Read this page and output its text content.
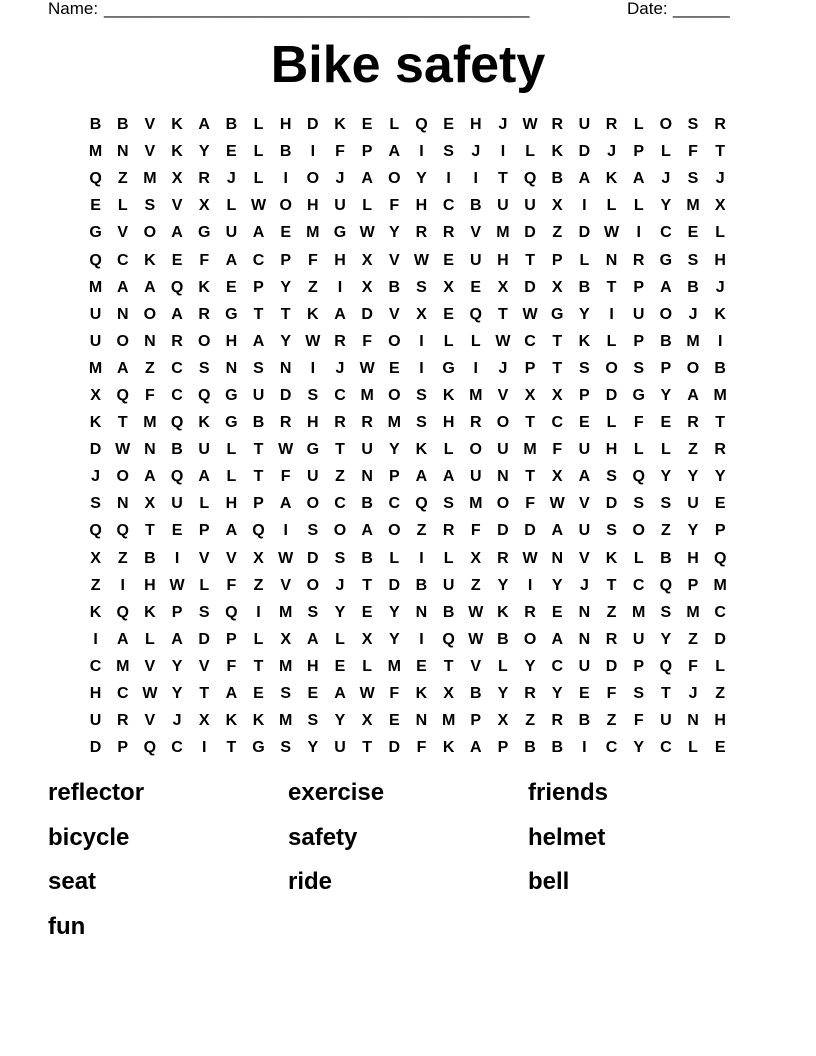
Name: _____________________________________________	Date: ______
Bike safety
B B	V	K A B	L	H D K	E	L	Q E	H	J W R U R	L	O S	R
M N	V	K	Y	E	L	B	I	F	P	A	I	S	J	I	L	K D	J	P	L	F	T
Q	Z M X	R	J	L	I	O	J	A O Y	I	I	T	Q B A K A	J	S	J
E	L	S	V	X	L W O H U	L	F	H C B U U	X	I	L	L	Y M X
G V O A G U A	E M G W Y	R R	V M D	Z	D W	I	C	E	L
Q C K	E	F	A C	P	F	H	X	V W E	U H	T	P	L	N R G S	H
M A A Q K	E	P	Y	Z	I	X	B	S	X	E	X	D	X	B	T	P	A B	J
U N O A R G	T	T	K A D	V	X	E Q	T W G Y	I	U O	J	K
U O N R O H A	Y W R	F	O	I	L	L W C	T	K	L	P	B M	I
M A	Z	C	S	N	S	N	I	J W E	I	G	I	J	P	T	S O S	P O B
X Q	F	C Q G U D	S	C M O S	K M V	X	X	P	D G Y	A M
K	T M Q K G B R H R R M S	H R O	T	C	E	L	F	E	R	T
D W N B U	L	T W G	T	U	Y	K	L	O U M F	U H	L	L	Z	R
J	O A Q A	L	T	F	U	Z	N	P	A A U N	T	X	A	S Q Y	Y	Y
S	N	X	U	L	H	P	A O C B C Q S M O	F W V	D	S	S	U	E
Q Q	T	E	P	A Q	I	S O A O	Z	R	F	D D A U	S O	Z	Y	P
X	Z	B	I	V	V	X W D	S	B	L	I	L	X	R W N	V	K	L	B H Q
Z	I	H W L	F	Z	V O	J	T	D B U	Z	Y	I	Y	J	T	C Q P M
K Q K	P	S Q	I	M S	Y	E	Y	N B W K R	E	N	Z M S M C
I	A	L	A D	P	L	X	A	L	X	Y	I	Q W B O A N R U	Y	Z	D
C M V	Y	V	F	T M H	E	L M E	T	V	L	Y	C U D	P Q	F	L
H C W Y	T	A	E	S	E	A W F	K	X	B	Y	R	Y	E	F	S	T	J	Z
U R	V	J	X	K K M S	Y	X	E	N M P	X	Z	R B	Z	F	U N H
D	P Q C	I	T	G S	Y	U	T	D	F	K A	P	B B	I	C	Y	C	L	E
reflector	exercise	friends
bicycle	safety	helmet
seat	ride	bell
fun
